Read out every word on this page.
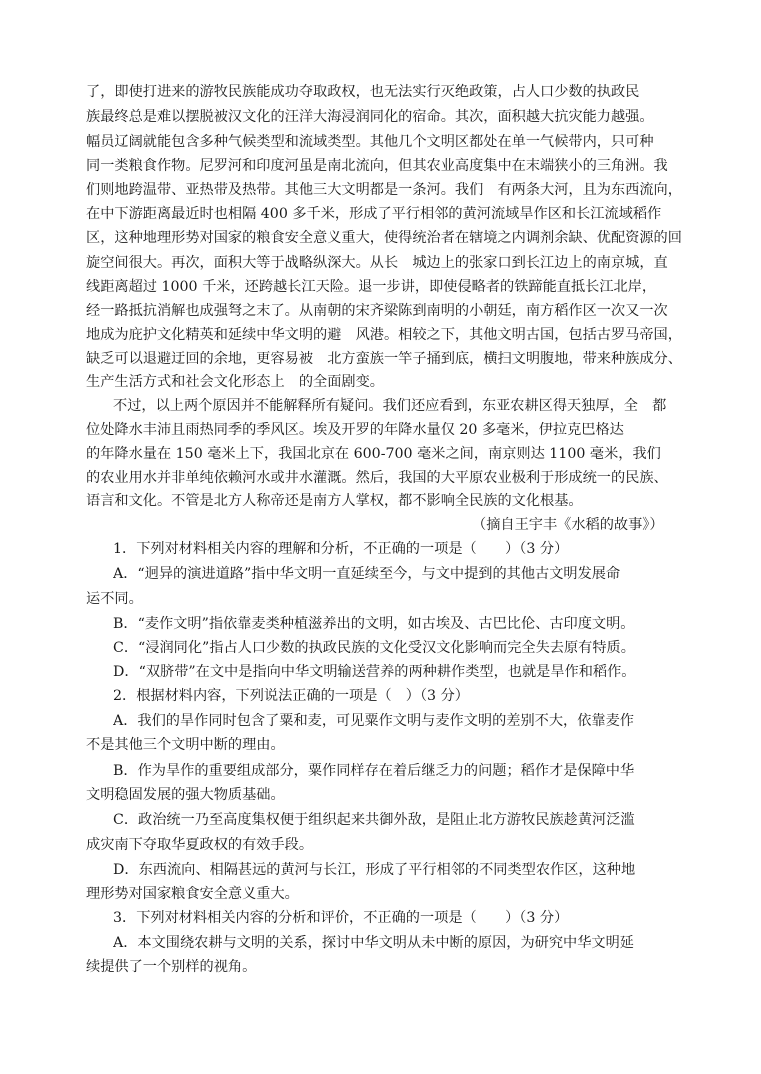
了，即使打进来的游牧民族能成功夺取政权，也无法实行灭绝政策，占人口少数的执政民
族最终总是难以摆脱被汉文化的汪洋大海浸润同化的宿命。其次，面积越大抗灾能力越强。
幅员辽阔就能包含多种气候类型和流域类型。其他几个文明区都处在单一气候带内，只可种
同一类粮食作物。尼罗河和印度河虽是南北流向，但其农业高度集中在末端狭小的三角洲。我
们则地跨温带、亚热带及热带。其他三大文明都是一条河。我们　有两条大河，且为东西流向，
在中下游距离最近时也相隔 400 多千米，形成了平行相邻的黄河流域旱作区和长江流域稻作
区，这种地理形势对国家的粮食安全意义重大，使得统治者在辖境之内调剂余缺、优配资源的回
旋空间很大。再次，面积大等于战略纵深大。从长　城边上的张家口到长江边上的南京城，直
线距离超过 1000 千米，还跨越长江天险。退一步讲，即使侵略者的铁蹄能直抵长江北岸，
经一路抵抗消解也成强弩之末了。从南朝的宋齐梁陈到南明的小朝廷，南方稻作区一次又一次
地成为庇护文化精英和延续中华文明的避　风港。相较之下，其他文明古国，包括古罗马帝国，
缺乏可以退避迂回的余地，更容易被　北方蛮族一竿子捅到底，横扫文明腹地，带来种族成分、
生产生活方式和社会文化形态上　的全面剧变。
不过，以上两个原因并不能解释所有疑问。我们还应看到，东亚农耕区得天独厚，全　都
位处降水丰沛且雨热同季的季风区。埃及开罗的年降水量仅 20 多毫米，伊拉克巴格达
的年降水量在 150 毫米上下，我国北京在 600-700 毫米之间，南京则达 1100 毫米，我们
的农业用水并非单纯依赖河水或井水灌溉。然后，我国的大平原农业极利于形成统一的民族、
语言和文化。不管是北方人称帝还是南方人掌权，都不影响全民族的文化根基。
（摘自王宇丰《水稻的故事》）
1．下列对材料相关内容的理解和分析，不正确的一项是（　　）（3 分）
A．“迥异的演进道路”指中华文明一直延续至今，与文中提到的其他古文明发展命
运不同。
B．“麦作文明”指依靠麦类种植滋养出的文明，如古埃及、古巴比伦、古印度文明。
C．“浸润同化”指占人口少数的执政民族的文化受汉文化影响而完全失去原有特质。
D．“双脐带”在文中是指向中华文明输送营养的两种耕作类型，也就是旱作和稻作。
2．根据材料内容，下列说法正确的一项是（　）（3 分）
A．我们的旱作同时包含了粟和麦，可见粟作文明与麦作文明的差别不大，依靠麦作
不是其他三个文明中断的理由。
B．作为旱作的重要组成部分，粟作同样存在着后继乏力的问题；稻作才是保障中华
文明稳固发展的强大物质基础。
C．政治统一乃至高度集权便于组织起来共御外敌，是阻止北方游牧民族趁黄河泛滥
成灾南下夺取华夏政权的有效手段。
D．东西流向、相隔甚远的黄河与长江，形成了平行相邻的不同类型农作区，这种地
理形势对国家粮食安全意义重大。
3．下列对材料相关内容的分析和评价，不正确的一项是（　　）（3 分）
A．本文围绕农耕与文明的关系，探讨中华文明从未中断的原因，为研究中华文明延
续提供了一个别样的视角。
